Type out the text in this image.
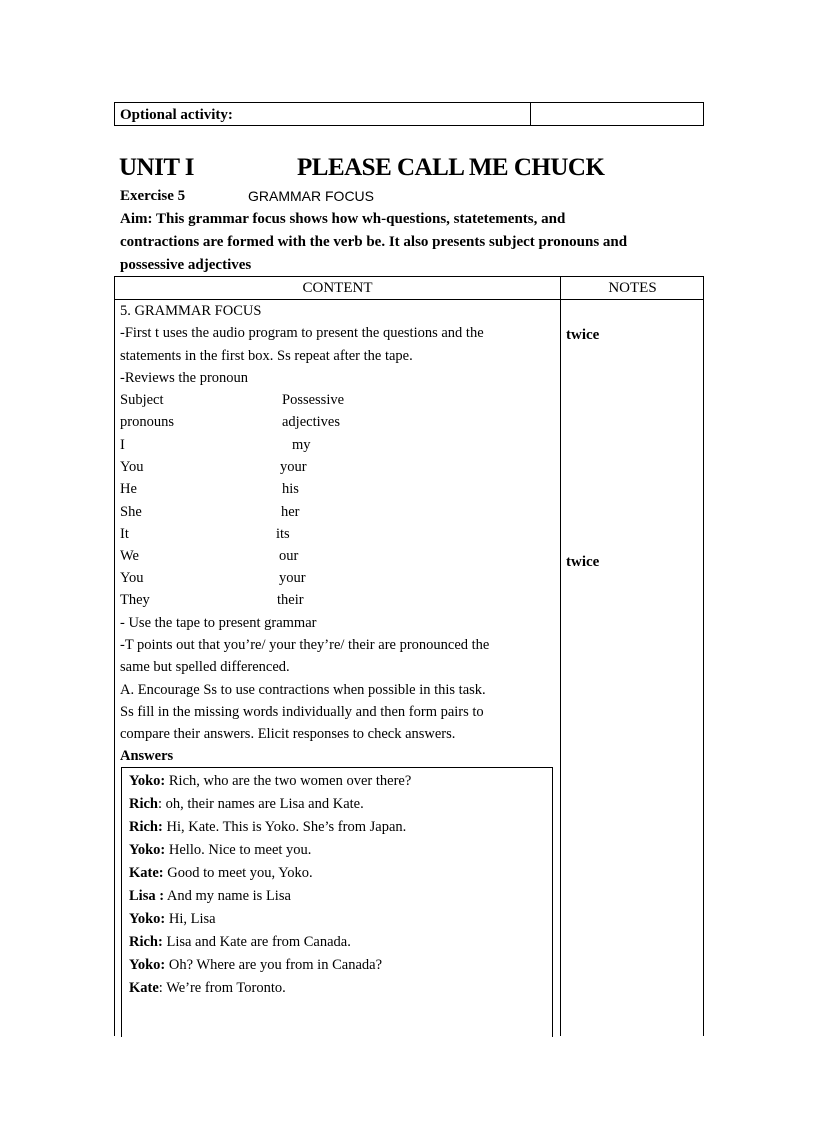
Optional activity:
UNIT I	PLEASE CALL ME CHUCK
Exercise 5	GRAMMAR FOCUS
Aim: This grammar focus shows how wh-questions, statetements, and
contractions are formed with the verb be. It also presents subject pronouns and
possessive adjectives
CONTENT	NOTES
5. GRAMMAR FOCUS
-First t uses the audio program to present the questions and the
statements in the first box. Ss repeat after the tape.
-Reviews the pronoun
Subject	Possessive
pronouns	adjectives
I	my
You	your
He	his
She	her
It	its
We	our
You	your
They	their
- Use the tape to present grammar
-T points out that you’re/ your they’re/ their are pronounced the
same but spelled differenced.
A. Encourage Ss to use contractions when possible in this task.
Ss fill in the missing words individually and then form pairs to
compare their answers. Elicit responses to check answers.
Answers
Yoko: Rich, who are the two women over there?
Rich: oh, their names are Lisa and Kate.
Rich: Hi, Kate. This is Yoko. She’s from Japan.
Yoko: Hello. Nice to meet you.
Kate: Good to meet you, Yoko.
Lisa : And my name is Lisa
Yoko: Hi, Lisa
Rich: Lisa and Kate are from Canada.
Yoko: Oh? Where are you from in Canada?
Kate: We’re from Toronto.
twice
twice
